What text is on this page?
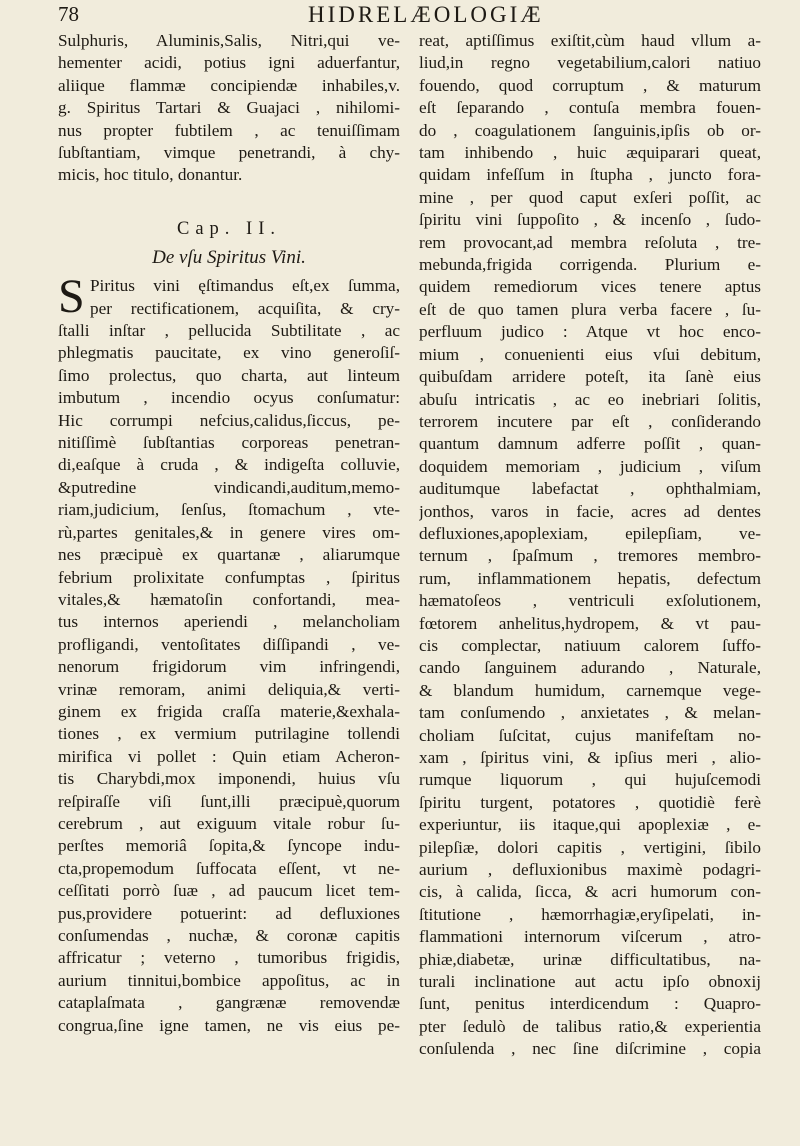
78	HIDRELÆOLOGIÆ
Sulphuris, Aluminis,Salis, Nitri,qui ve-
hementer acidi, potius igni aduerfantur,
aliique flammæ concipiendæ inhabiles,v.
g. Spiritus Tartari & Guajaci , nihilomi-
nus propter fubtilem , ac tenuiſſimam
ſubſtantiam, vimque penetrandi, à chy-
micis, hoc titulo, donantur.
Cap. II.
De vſu Spiritus Vini.
S Piritus vini ęſtimandus eſt,ex ſumma,
per rectificationem, acquiſita, & cry-
ſtalli inſtar , pellucida Subtilitate , ac
phlegmatis paucitate, ex vino generoſiſ-
ſimo prolectus, quo charta, aut linteum
imbutum , incendio ocyus conſumatur:
Hic corrumpi nefcius,calidus,ſiccus, pe-
nitiſſimè ſubſtantias corporeas penetran-
di,eaſque à cruda , & indigeſta colluvie,
&putredine vindicandi,auditum,memo-
riam,judicium, ſenſus, ſtomachum , vte-
rù,partes genitales,& in genere vires om-
nes præcipuè ex quartanæ , aliarumque
febrium prolixitate confumptas , ſpiritus
vitales,& hæmatoſin confortandi, mea-
tus internos aperiendi , melancholiam
profligandi, ventoſitates diſſipandi , ve-
nenorum frigidorum vim infringendi,
vrinæ remoram, animi deliquia,& verti-
ginem ex frigida craſſa materie,&exhala-
tiones , ex vermium putrilagine tollendi
mirifica vi pollet : Quin etiam Acheron-
tis Charybdi,mox imponendi, huius vſu
reſpiraſſe viſi ſunt,illi præcipuè,quorum
cerebrum , aut exiguum vitale robur ſu-
perſtes memoriâ ſopita,& ſyncope indu-
cta,propemodum ſuffocata eſſent, vt ne-
ceſſitati porrò ſuæ , ad paucum licet tem-
pus,providere potuerint: ad defluxiones
conſumendas , nuchæ, & coronæ capitis
affricatur ; veterno , tumoribus frigidis,
aurium tinnitui,bombice appoſitus, ac in
cataplaſmata , gangrænæ removendæ
congrua,ſine igne tamen, ne vis eius pe-
reat, aptiſſimus exiſtit,cùm haud vllum a-
liud,in regno vegetabilium,calori natiuo
fouendo, quod corruptum , & maturum
eſt ſeparando , contuſa membra fouen-
do , coagulationem ſanguinis,ipſis ob or-
tam inhibendo , huic æquiparari queat,
quidam infeſſum in ſtupha , juncto fora-
mine , per quod caput exſeri poſſit, ac
ſpiritu vini ſuppoſito , & incenſo , ſudo-
rem provocant,ad membra reſoluta , tre-
mebunda,frigida corrigenda. Plurium e-
quidem remediorum vices tenere aptus
eſt de quo tamen plura verba facere , ſu-
perfluum judico : Atque vt hoc enco-
mium , conuenienti eius vſui debitum,
quibuſdam arridere poteſt, ita ſanè eius
abuſu intricatis , ac eo inebriari ſolitis,
terrorem incutere par eſt , conſiderando
quantum damnum adferre poſſit , quan-
doquidem memoriam , judicium , viſum
auditumque labefactat , ophthalmiam,
jonthos, varos in facie, acres ad dentes
defluxiones,apoplexiam, epilepſiam, ve-
ternum , ſpaſmum , tremores membro-
rum, inflammationem hepatis, defectum
hæmatoſeos , ventriculi exſolutionem,
fœtorem anhelitus,hydropem, & vt pau-
cis complectar, natiuum calorem ſuffo-
cando ſanguinem adurando , Naturale,
& blandum humidum, carnemque vege-
tam conſumendo , anxietates , & melan-
choliam ſuſcitat, cujus manifeſtam no-
xam , ſpiritus vini, & ipſius meri , alio-
rumque liquorum , qui hujuſcemodi
ſpiritu turgent, potatores , quotidiè ferè
experiuntur, iis itaque,qui apoplexiæ , e-
pilepſiæ, dolori capitis , vertigini, ſibilo
aurium , defluxionibus maximè podagri-
cis, à calida, ſicca, & acri humorum con-
ſtitutione , hæmorrhagiæ,eryſipelati, in-
flammationi internorum viſcerum , atro-
phiæ,diabetæ, urinæ difficultatibus, na-
turali inclinatione aut actu ipſo obnoxij
ſunt, penitus interdicendum : Quapro-
pter ſedulò de talibus ratio,& experientia
conſulenda , nec ſine diſcrimine , copia
